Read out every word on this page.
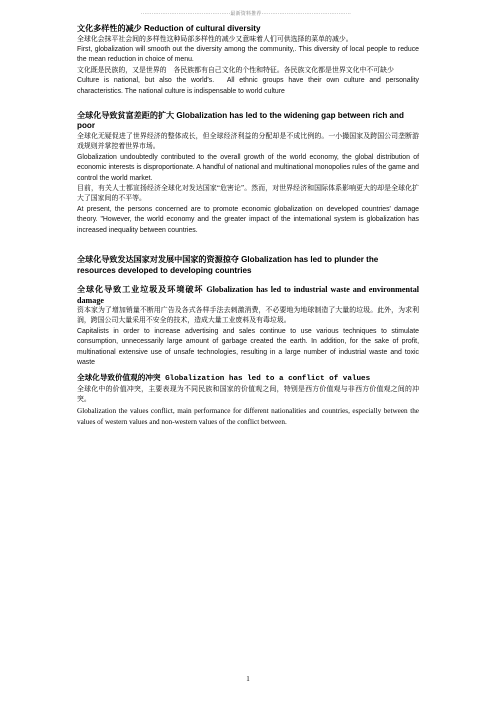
··················································最新资料推荐··················································
文化多样性的减少 Reduction of cultural diversity

全球化会抹平社会间的多样性这种局部多样性的减少又意味着人们可供选择的菜单的减少。

First, globalization will smooth out the diversity among the community,. This diversity of local people to reduce the mean reduction in choice of menu.

文化既是民族的，又是世界的　各民族都有自己文化的个性和特征。各民族文化都是世界文化中不可缺少

Culture is national, but also the world's.　All ethnic groups have their own culture and personality characteristics. The national culture is indispensable to world culture

全球化导致贫富差距的扩大 Globalization has led to the widening gap between rich and poor

全球化无疑促进了世界经济的整体成长，但全球经济利益的分配却是不成比例的。一小撮国家及跨国公司垄断游戏规则并掌控着世界市场。

Globalization undoubtedly contributed to the overall growth of the world economy, the global distribution of economic interests is disproportionate. A handful of national and multinational monopolies rules of the game and control the world market.

目前，有关人士都宣扬经济全球化对发达国家“危害论”。然而，对世界经济和国际体系影响更大的却是全球化扩大了国家间的不平等。

At present, the persons concerned are to promote economic globalization on developed countries' damage theory. "However, the world economy and the greater impact of the international system is globalization has increased inequality between countries.

全球化导致发达国家对发展中国家的资源掠夺 Globalization has led to plunder the resources developed to developing countries
全球化导致工业垃圾及环境破坏 Globalization has led to industrial waste and environmental damage

资本家为了增加销量不断用广告及各式各样手法去刺激消费，不必要地为地球制造了大量的垃圾。此外，为求利润，跨国公司大量采用不安全的技术，造成大量工业废料及有毒垃圾。

Capitalists in order to increase advertising and sales continue to use various techniques to stimulate consumption, unnecessarily large amount of garbage created the earth. In addition, for the sake of profit, multinational extensive use of unsafe technologies, resulting in a large number of industrial waste and toxic waste

全球化导致价值观的冲突 Globalization has led to a conflict of values

全球化中的价值冲突，主要表现为不同民族和国家的价值观之间，特别是西方价值观与非西方价值观之间的冲突。

Globalization the values conflict, main performance for different nationalities and countries, especially between the values of western values and non-western values of the conflict between.

1
